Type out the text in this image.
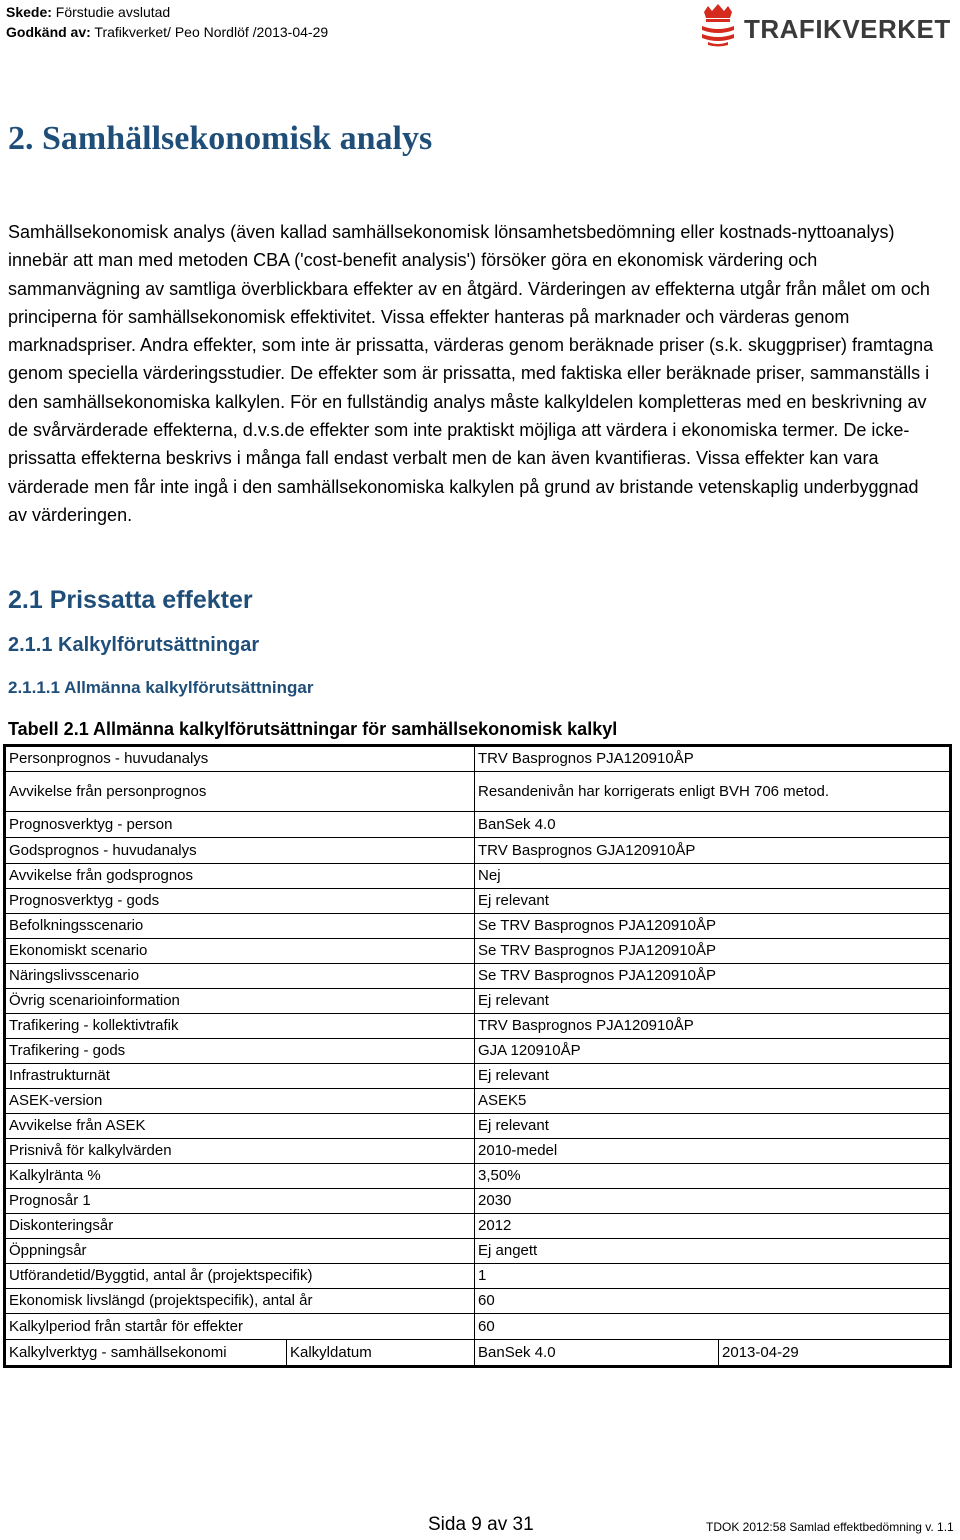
Skede: Förstudie avslutad
Godkänd av: Trafikverket/ Peo Nordlöf /2013-04-29	TRAFIKVERKET
2. Samhällsekonomisk analys
Samhällsekonomisk analys (även kallad samhällsekonomisk lönsamhetsbedömning eller kostnads-nyttoanalys) innebär att man med metoden CBA ('cost-benefit analysis') försöker göra en ekonomisk värdering och sammanvägning av samtliga överblickbara effekter av en åtgärd. Värderingen av effekterna utgår från målet om och principerna för samhällsekonomisk effektivitet. Vissa effekter hanteras på marknader och värderas genom marknadspriser. Andra effekter, som inte är prissatta, värderas genom beräknade priser (s.k. skuggpriser) framtagna genom speciella värderingsstudier. De effekter som är prissatta, med faktiska eller beräknade priser, sammanställs i den samhällsekonomiska kalkylen. För en fullständig analys måste kalkyldelen kompletteras med en beskrivning av de svårvärderade effekterna, d.v.s.de effekter som inte praktiskt möjliga att värdera i ekonomiska termer. De icke-prissatta effekterna beskrivs i många fall endast verbalt men de kan även kvantifieras. Vissa effekter kan vara värderade men får inte ingå i den samhällsekonomiska kalkylen på grund av bristande vetenskaplig underbyggnad av värderingen.
2.1 Prissatta effekter
2.1.1 Kalkylförutsättningar
2.1.1.1 Allmänna kalkylförutsättningar
Tabell 2.1 Allmänna kalkylförutsättningar för samhällsekonomisk kalkyl
Personprognos - huvudanalys		TRV Basprognos PJA120910ÅP	
Avvikelse från personprognos		Resandenivån har korrigerats enligt BVH 706 metod.	
Prognosverktyg - person		BanSek 4.0	
Godsprognos - huvudanalys		TRV Basprognos GJA120910ÅP	
Avvikelse från godsprognos		Nej	
Prognosverktyg - gods		Ej relevant	
Befolkningsscenario		Se TRV Basprognos PJA120910ÅP	
Ekonomiskt scenario		Se TRV Basprognos PJA120910ÅP	
Näringslivsscenario		Se TRV Basprognos PJA120910ÅP	
Övrig scenarioinformation		Ej relevant	
Trafikering - kollektivtrafik		TRV Basprognos PJA120910ÅP	
Trafikering - gods		GJA 120910ÅP	
Infrastrukturnät		Ej relevant	
ASEK-version		ASEK5	
Avvikelse från ASEK		Ej relevant	
Prisnivå för kalkylvärden		2010-medel	
Kalkylränta %		3,50%	
Prognosår 1		2030	
Diskonteringsår		2012	
Öppningsår		Ej angett	
Utförandetid/Byggtid, antal år (projektspecifik)		1	
Ekonomisk livslängd (projektspecifik), antal år		60	
Kalkylperiod från startår för effekter		60	
Kalkylverktyg - samhällsekonomi	Kalkyldatum	BanSek 4.0	2013-04-29
Sida 9 av 31	TDOK 2012:58 Samlad effektbedömning v. 1.1
